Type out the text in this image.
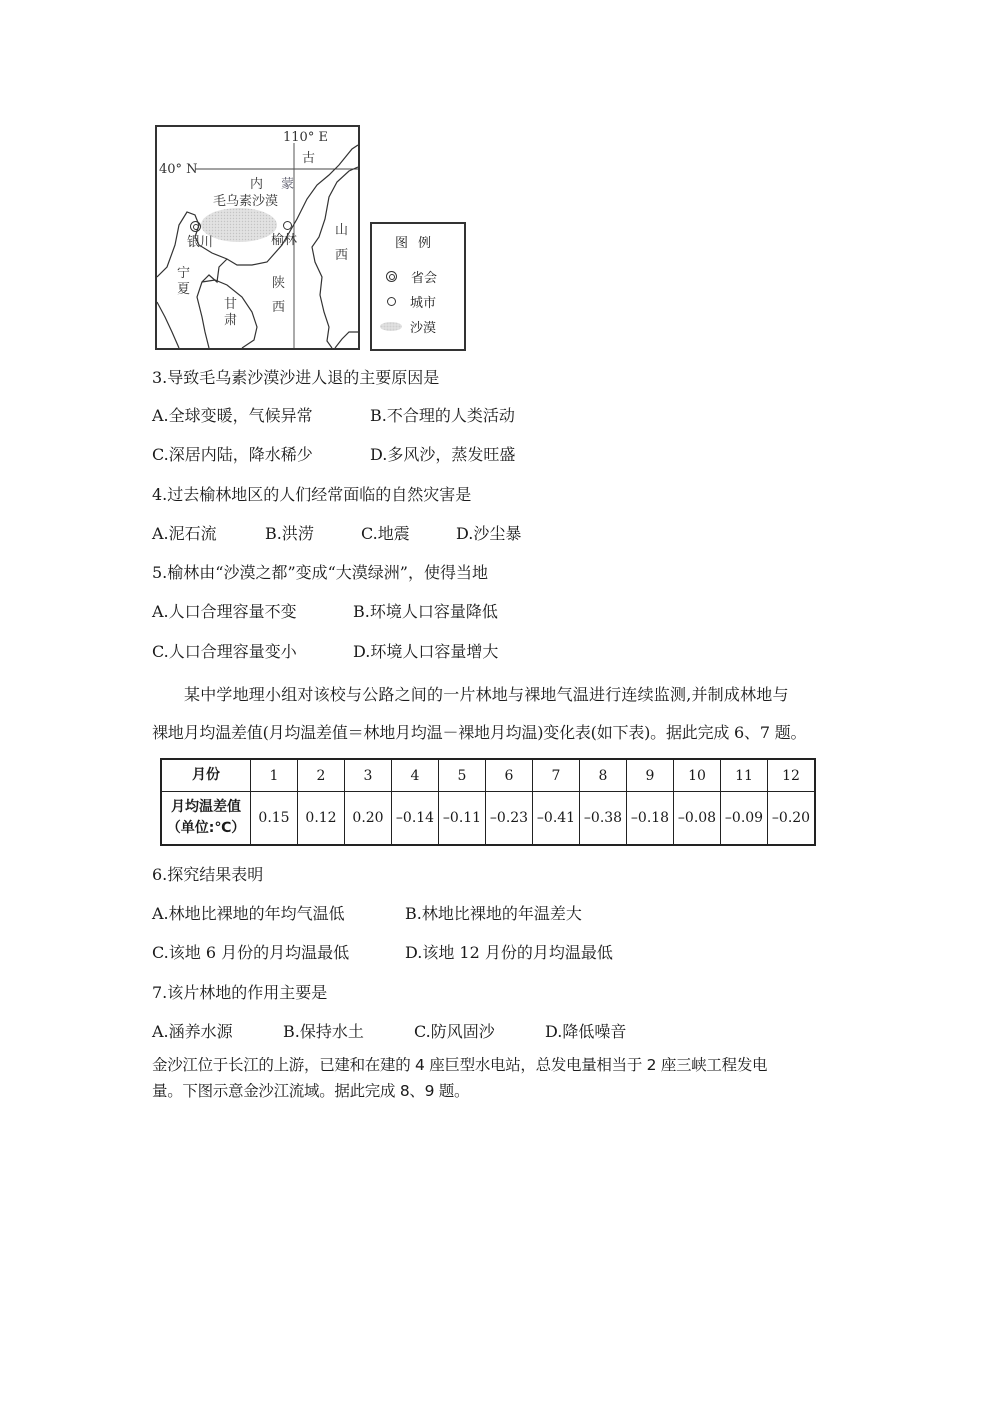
40° N
110° E
古
内 蒙
毛乌素沙漠
银川	榆林
宁
夏
甘
肃
陕
西
山
西
图例
省会
城市
沙漠
3.导致毛乌素沙漠沙进人退的主要原因是
A.全球变暖，气候异常	B.不合理的人类活动
C.深居内陆，降水稀少	D.多风沙，蒸发旺盛
4.过去榆林地区的人们经常面临的自然灾害是
A.泥石流	B.洪涝	C.地震	D.沙尘暴
5.榆林由“沙漠之都”变成“大漠绿洲”，使得当地
A.人口合理容量不变	B.环境人口容量降低
C.人口合理容量变小	D.环境人口容量增大
某中学地理小组对该校与公路之间的一片林地与裸地气温进行连续监测,并制成林地与
裸地月均温差值(月均温差值＝林地月均温－裸地月均温)变化表(如下表)。据此完成 6、7 题。
月份	1	2	3	4	5	6	7	8	9	10	11	12

月均温差值
（单位:℃）	0.15	0.12	0.20	–0.14	–0.11	–0.23	–0.41	–0.38	–0.18	–0.08	–0.09	–0.20
6.探究结果表明
A.林地比裸地的年均气温低	B.林地比裸地的年温差大
C.该地 6 月份的月均温最低	D.该地 12 月份的月均温最低
7.该片林地的作用主要是
A.涵养水源	B.保持水土	C.防风固沙	D.降低噪音
金沙江位于长江的上游，已建和在建的 4 座巨型水电站，总发电量相当于 2 座三峡工程发电
量。下图示意金沙江流域。据此完成 8、9 题。
